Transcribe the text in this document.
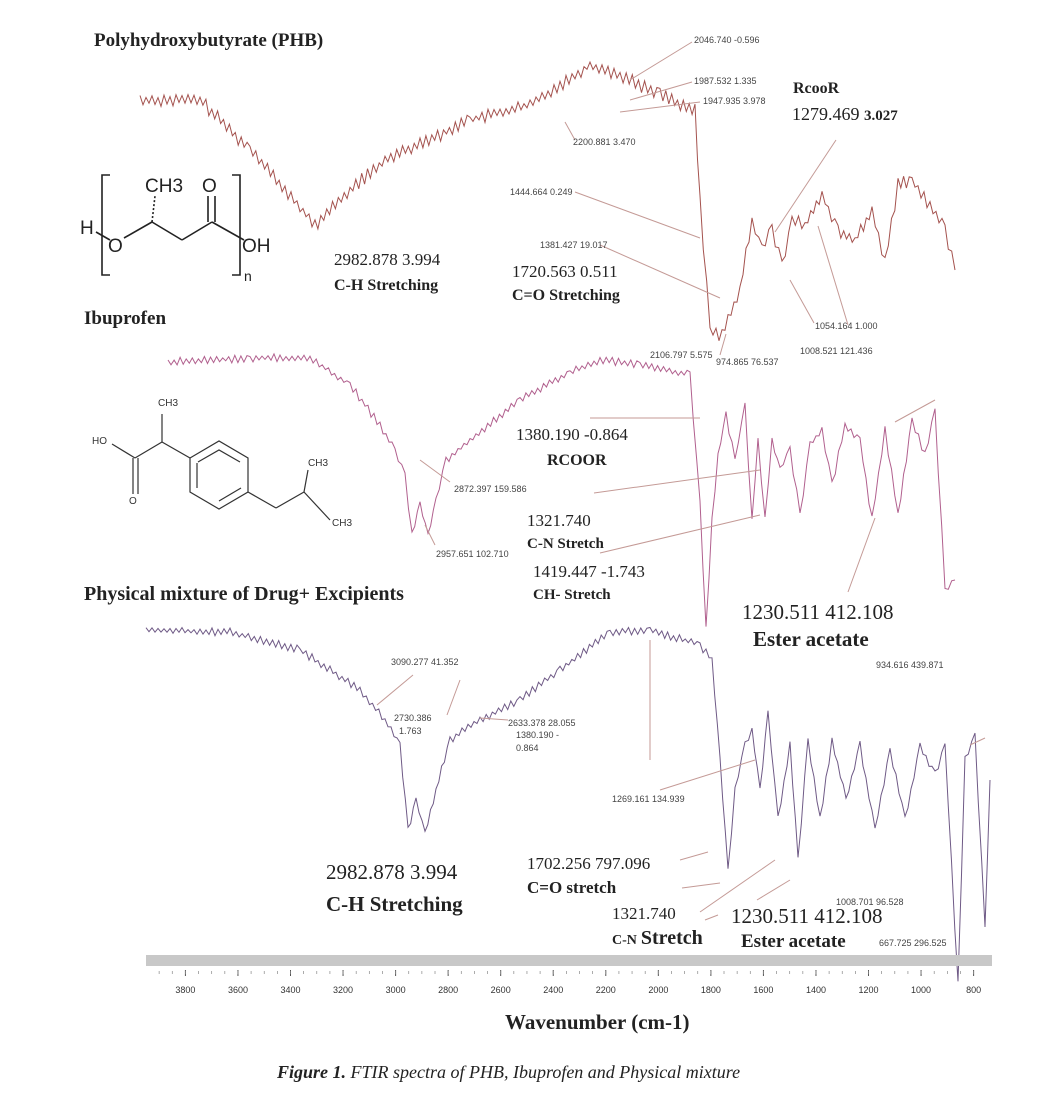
3800	3600	3400	3200	3000	2800	2600	2400	2200	2000	1800	1600	1400	1200	1000	800
Polyhydroxybutyrate (PHB)
Ibuprofen
Physical mixture of Drug+ Excipients
CH3 O
H
O	OH
n
CH3
HO
O
CH3
CH3
2046.740 -0.596
1987.532 1.335
1947.935 3.978
2200.881 3.470
RcooR
1279.469 3.027
1444.664 0.249
1381.427 19.017
2982.878 3.994
C-H Stretching
1720.563 0.511
C=O Stretching
1054.164 1.000
1008.521 121.436
2106.797 5.575
974.865 76.537
1380.190 -0.864
RCOOR
2872.397 159.586
1321.740
C-N Stretch
2957.651 102.710
1419.447 -1.743
CH- Stretch
1230.511 412.108
Ester acetate
934.616 439.871
3090.277 41.352
2730.386
1.763
2633.378 28.055
1380.190 -
0.864
1269.161 134.939
2982.878 3.994
C-H Stretching
1702.256 797.096
C=O stretch
1321.740
C-N Stretch
1230.511 412.108
Ester acetate
1008.701 96.528
667.725 296.525
Wavenumber (cm-1)
Figure 1. FTIR spectra of PHB, Ibuprofen and Physical mixture
